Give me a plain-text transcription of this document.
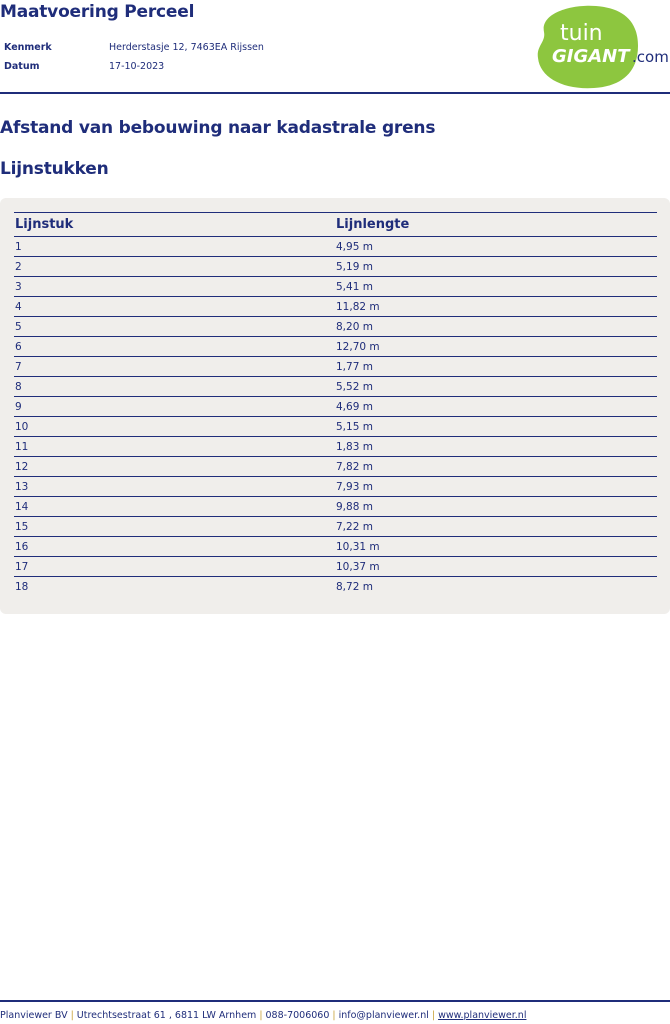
Maatvoering Perceel
Kenmerk	Herderstasje 12, 7463EA Rijssen
Datum	17-10-2023
tuin
GIGANT .com
Afstand van bebouwing naar kadastrale grens
Lijnstukken
Lijnstuk	Lijnlengte
1	4,95 m
2	5,19 m
3	5,41 m
4	11,82 m
5	8,20 m
6	12,70 m
7	1,77 m
8	5,52 m
9	4,69 m
10	5,15 m
11	1,83 m
12	7,82 m
13	7,93 m
14	9,88 m
15	7,22 m
16	10,31 m
17	10,37 m
18	8,72 m
Planviewer BV | Utrechtsestraat 61 , 6811 LW Arnhem | 088-7006060 | info@planviewer.nl | www.planviewer.nl
